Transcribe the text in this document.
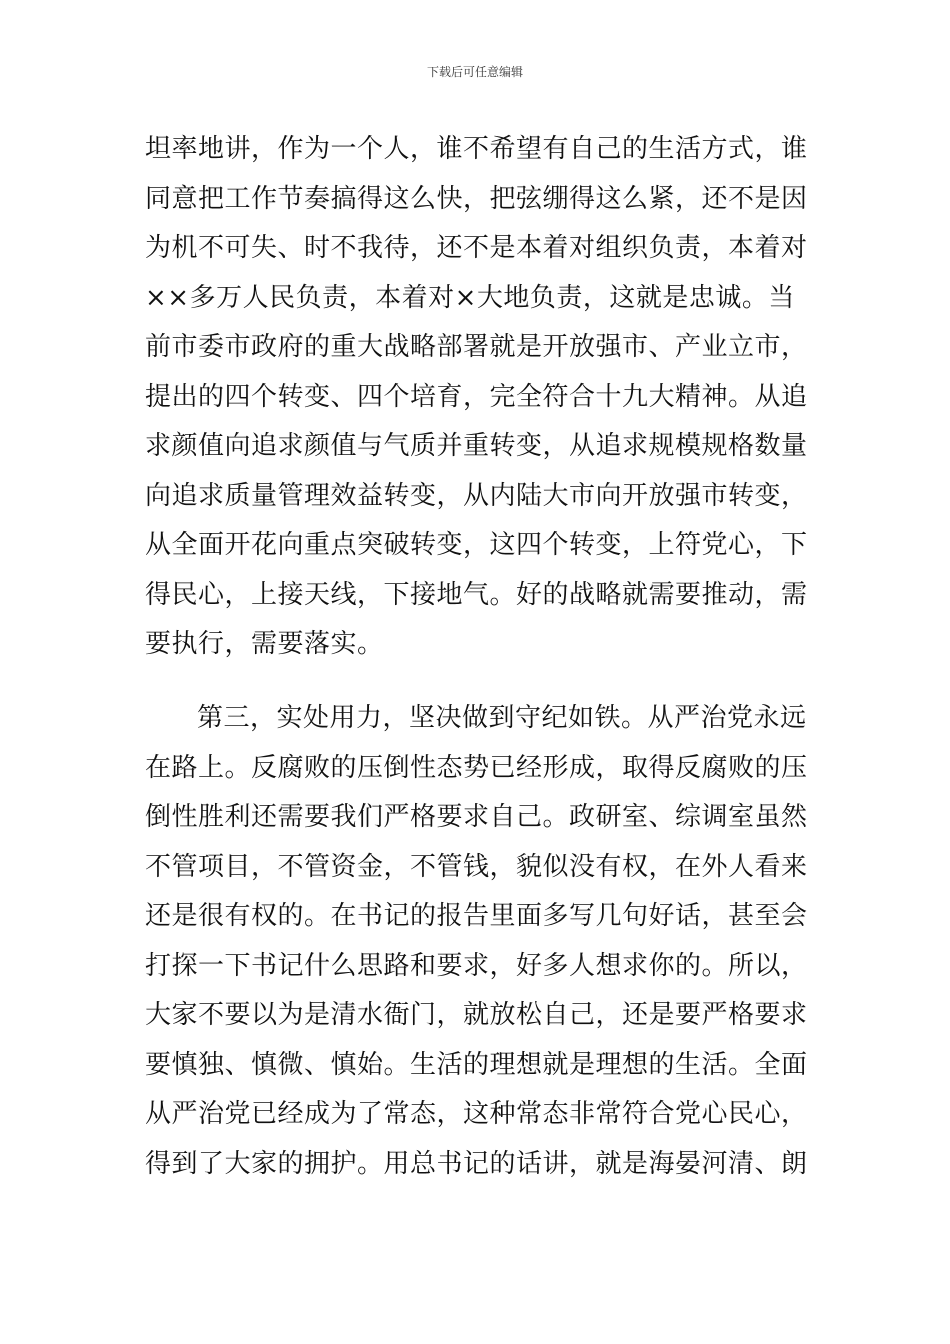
下载后可任意编辑
坦率地讲，作为一个人，谁不希望有自己的生活方式，谁
同意把工作节奏搞得这么快，把弦绷得这么紧，还不是因
为机不可失、时不我待，还不是本着对组织负责，本着对
××多万人民负责，本着对×大地负责，这就是忠诚。当
前市委市政府的重大战略部署就是开放强市、产业立市，
提出的四个转变、四个培育，完全符合十九大精神。从追
求颜值向追求颜值与气质并重转变，从追求规模规格数量
向追求质量管理效益转变，从内陆大市向开放强市转变，
从全面开花向重点突破转变，这四个转变，上符党心，下
得民心，上接天线，下接地气。好的战略就需要推动，需
要执行，需要落实。
第三，实处用力，坚决做到守纪如铁。从严治党永远
在路上。反腐败的压倒性态势已经形成，取得反腐败的压
倒性胜利还需要我们严格要求自己。政研室、综调室虽然
不管项目，不管资金，不管钱，貌似没有权，在外人看来
还是很有权的。在书记的报告里面多写几句好话，甚至会
打探一下书记什么思路和要求，好多人想求你的。所以，
大家不要以为是清水衙门，就放松自己，还是要严格要求
要慎独、慎微、慎始。生活的理想就是理想的生活。全面
从严治党已经成为了常态，这种常态非常符合党心民心，
得到了大家的拥护。用总书记的话讲，就是海晏河清、朗
